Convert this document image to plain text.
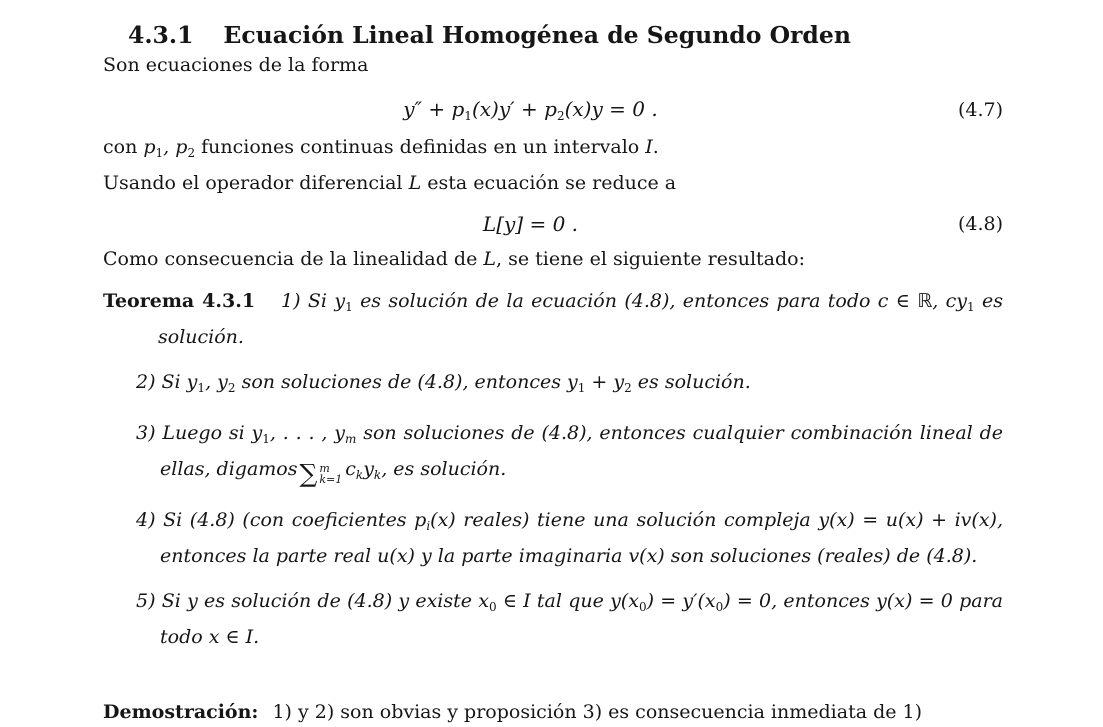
4.3.1 Ecuación Lineal Homogénea de Segundo Orden

Son ecuaciones de la forma

$y'' + p_1(x)y' + p_2(x)y = 0$ .	(4.7)

con $p_1$, $p_2$ funciones continuas definidas en un intervalo I.

Usando el operador diferencial L esta ecuación se reduce a

L[y] = 0 .	(4.8)

Como consecuencia de la linealidad de L, se tiene el siguiente resultado:

Teorema 4.3.1 1) Si $y_1$ es solución de la ecuación (4.8), entonces para todo c ∈ ℝ, $cy_1$ es solución.

2) Si $y_1$, $y_2$ son soluciones de (4.8), entonces $y_1 + y_2$ es solución.

3) Luego si $y_1$, . . . , $y_m$ son soluciones de (4.8), entonces cualquier combinación lineal de ellas, digamos ∑ m
k=1 $c_ky_k$, es solución.

4) Si (4.8) (con coeficientes $p_i(x)$ reales) tiene una solución compleja y(x) = u(x) + iv(x), entonces la parte real u(x) y la parte imaginaria v(x) son soluciones (reales) de (4.8).

5) Si y es solución de (4.8) y existe $x_0$ ∈ I tal que $y(x_0) = y'(x_0) = 0$, entonces y(x) = 0 para todo x ∈ I.

Demostración: 1) y 2) son obvias y proposición 3) es consecuencia inmediata de 1)
